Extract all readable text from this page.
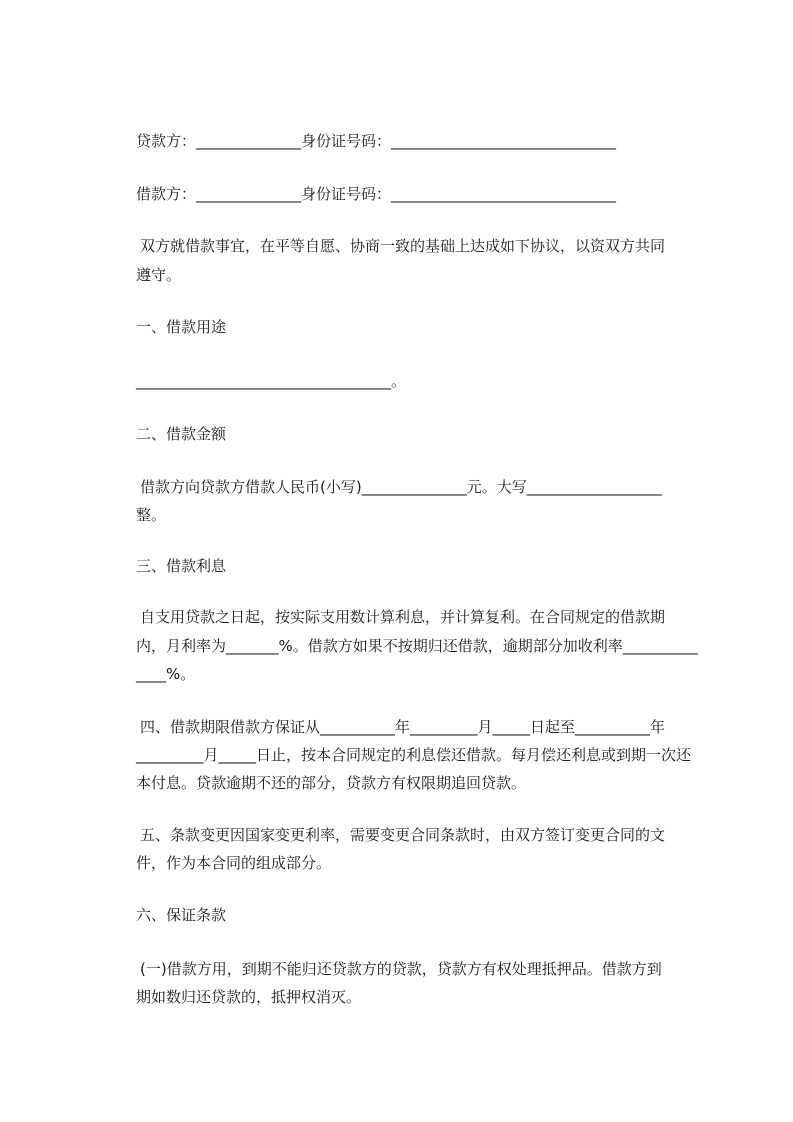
贷款方：______________身份证号码：______________________________
借款方：______________身份证号码：______________________________
双方就借款事宜，在平等自愿、协商一致的基础上达成如下协议，以资双方共同
遵守。
一、借款用途
__________________________________。
二、借款金额
借款方向贷款方借款人民币(小写)______________元。大写__________________
整。
三、借款利息
自支用贷款之日起，按实际支用数计算利息，并计算复利。在合同规定的借款期
内，月利率为_______%。借款方如果不按期归还借款，逾期部分加收利率__________
____%。
四、借款期限借款方保证从__________年_________月_____日起至__________年
_________月_____日止，按本合同规定的利息偿还借款。每月偿还利息或到期一次还
本付息。贷款逾期不还的部分，贷款方有权限期追回贷款。
五、条款变更因国家变更利率，需要变更合同条款时，由双方签订变更合同的文
件，作为本合同的组成部分。
六、保证条款
(一)借款方用，到期不能归还贷款方的贷款，贷款方有权处理抵押品。借款方到
期如数归还贷款的，抵押权消灭。
